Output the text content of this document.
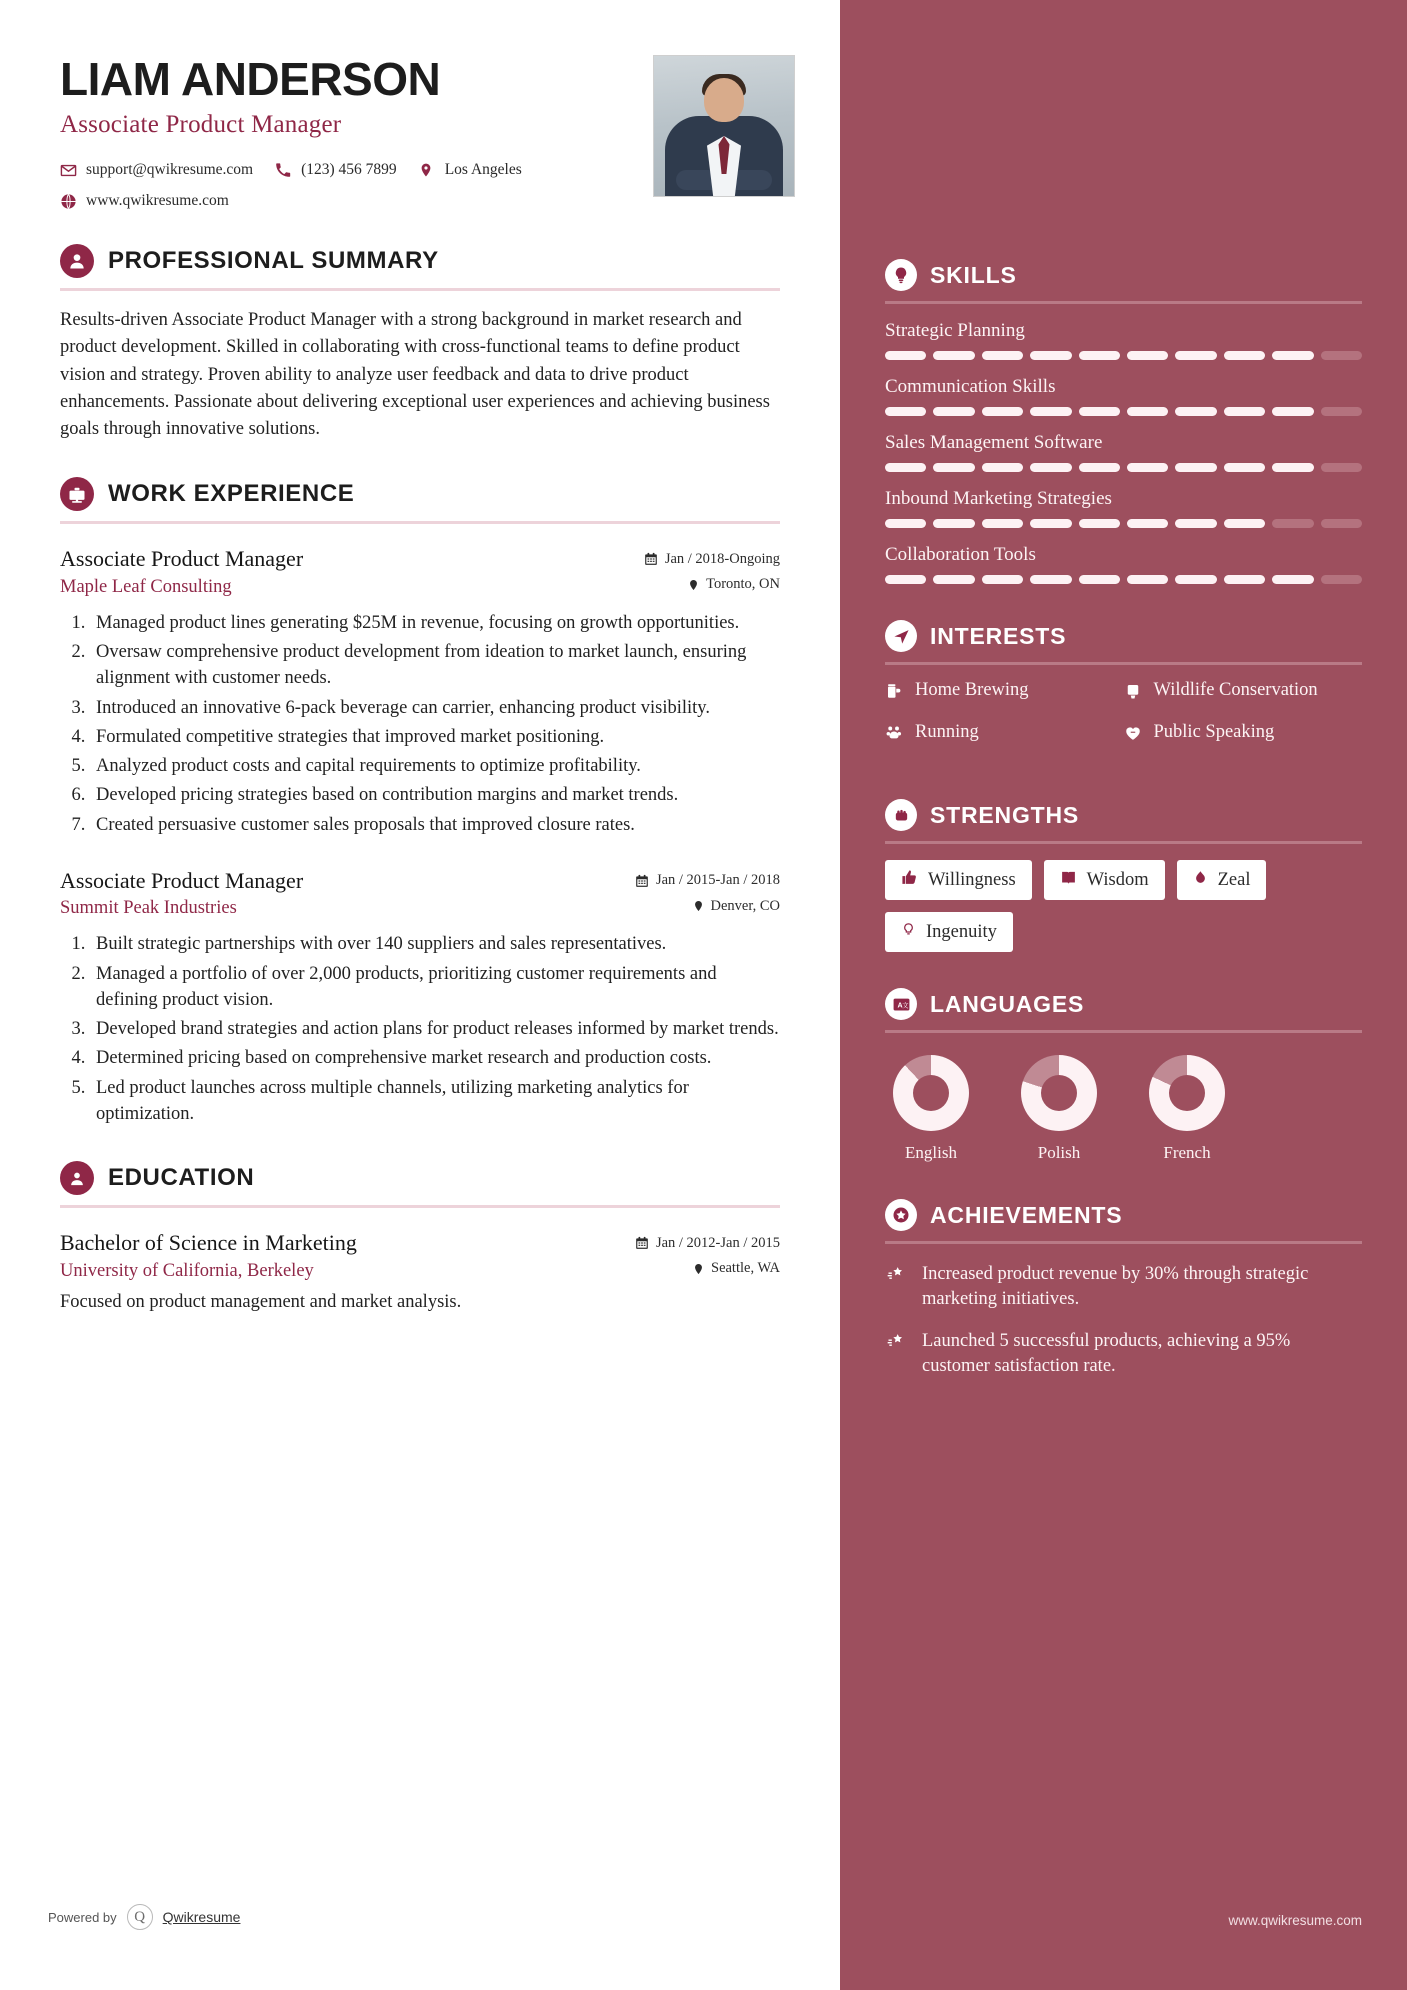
LIAM ANDERSON
Associate Product Manager
support@qwikresume.com	(123) 456 7899	Los Angeles
www.qwikresume.com
PROFESSIONAL SUMMARY

Results-driven Associate Product Manager with a strong background in market research and product development. Skilled in collaborating with cross-functional teams to define product vision and strategy. Proven ability to analyze user feedback and data to drive product enhancements. Passionate about delivering exceptional user experiences and achieving business goals through innovative solutions.

WORK EXPERIENCE
Associate Product Manager	Jan / 2018-Ongoing
Maple Leaf Consulting	Toronto, ON
1. Managed product lines generating $25M in revenue, focusing on growth opportunities.
2. Oversaw comprehensive product development from ideation to market launch, ensuring alignment with customer needs.
3. Introduced an innovative 6-pack beverage can carrier, enhancing product visibility.
4. Formulated competitive strategies that improved market positioning.
5. Analyzed product costs and capital requirements to optimize profitability.
6. Developed pricing strategies based on contribution margins and market trends.
7. Created persuasive customer sales proposals that improved closure rates.
Associate Product Manager	Jan / 2015-Jan / 2018
Summit Peak Industries	Denver, CO
1. Built strategic partnerships with over 140 suppliers and sales representatives.
2. Managed a portfolio of over 2,000 products, prioritizing customer requirements and defining product vision.
3. Developed brand strategies and action plans for product releases informed by market trends.
4. Determined pricing based on comprehensive market research and production costs.
5. Led product launches across multiple channels, utilizing marketing analytics for optimization.
EDUCATION
Bachelor of Science in Marketing	Jan / 2012-Jan / 2015
University of California, Berkeley	Seattle, WA
Focused on product management and market analysis.
Powered by	Q	Qwikresume
SKILLS
Strategic Planning
Communication Skills
Sales Management Software
Inbound Marketing Strategies
Collaboration Tools
INTERESTS
Home Brewing	Wildlife Conservation
Running	Public Speaking
STRENGTHS
Willingness	Wisdom	Zeal
Ingenuity
A 文 LANGUAGES
English	Polish	French
ACHIEVEMENTS
Increased product revenue by 30% through strategic marketing initiatives.
Launched 5 successful products, achieving a 95% customer satisfaction rate.
www.qwikresume.com
